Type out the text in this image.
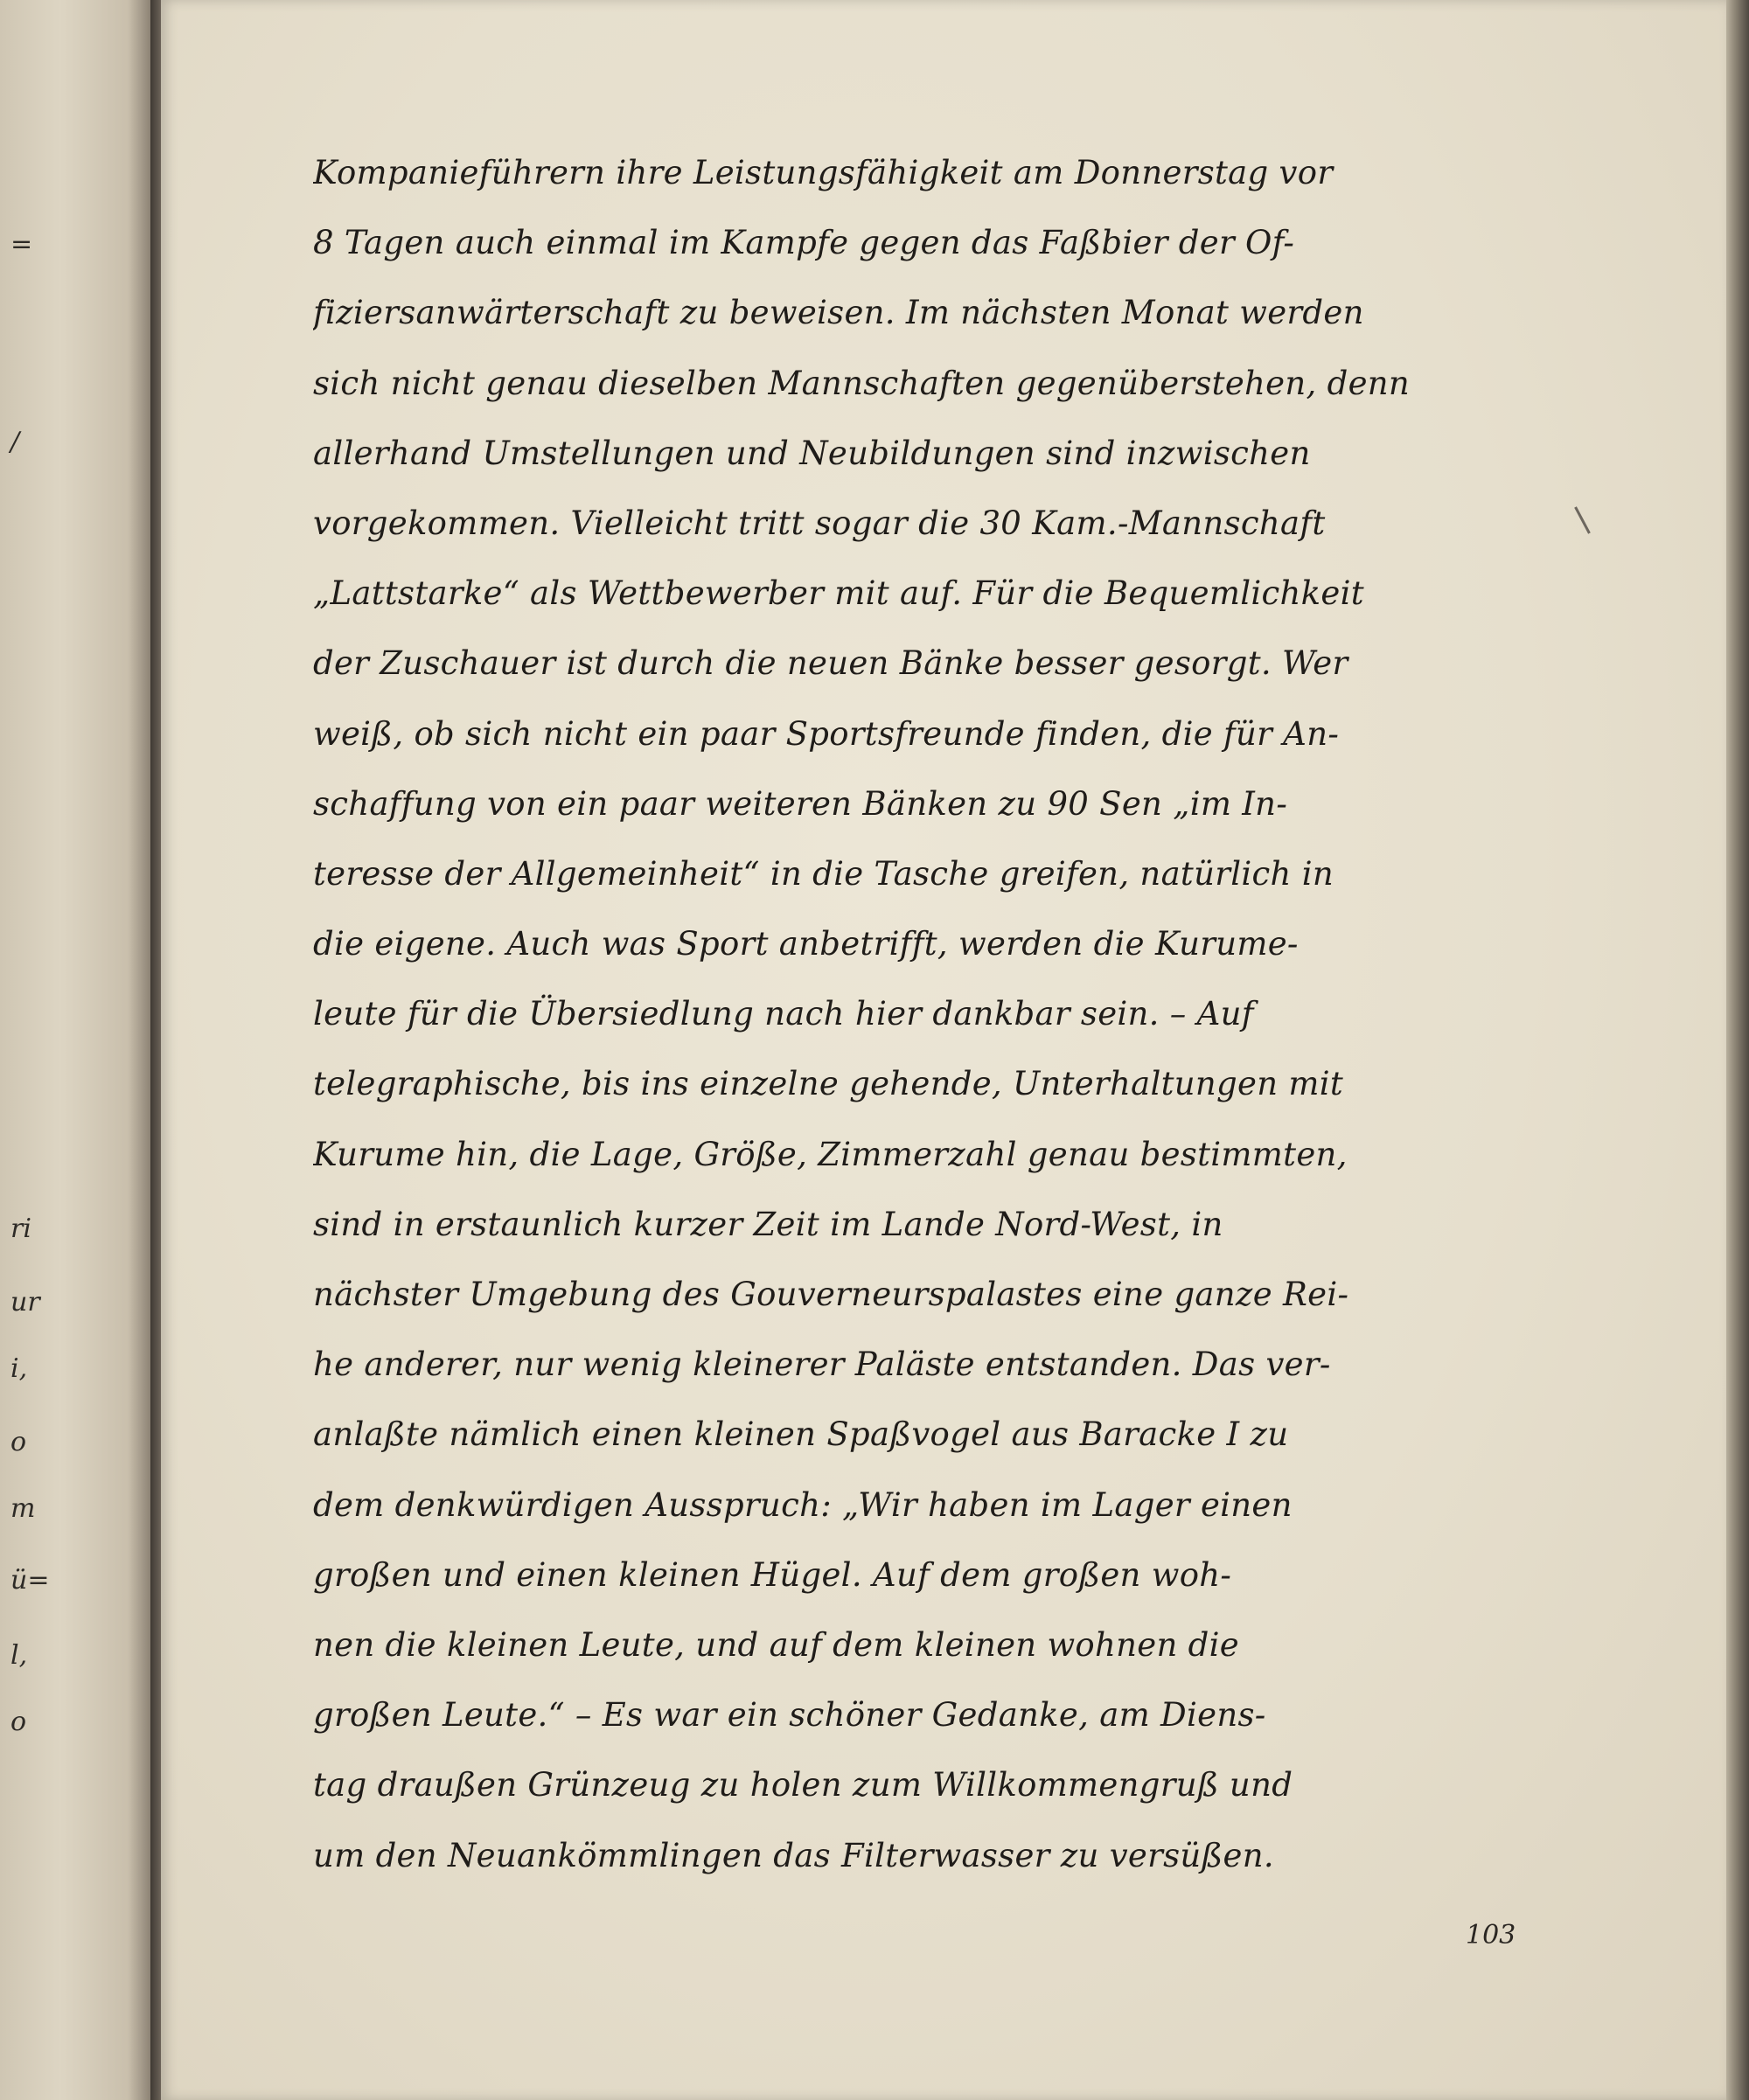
=
/
ri
ur
i,
o
m
ü=
l,
o
Kompanieführern ihre Leistungsfähigkeit am Donnerstag vor
8 Tagen auch einmal im Kampfe gegen das Faßbier der Of-
fiziersanwärterschaft zu beweisen. Im nächsten Monat werden
sich nicht genau dieselben Mannschaften gegenüberstehen, denn
allerhand Umstellungen und Neubildungen sind inzwischen
vorgekommen. Vielleicht tritt sogar die 30 Kam.-Mannschaft
„Lattstarke“ als Wettbewerber mit auf. Für die Bequemlichkeit
der Zuschauer ist durch die neuen Bänke besser gesorgt. Wer
weiß, ob sich nicht ein paar Sportsfreunde finden, die für An-
schaffung von ein paar weiteren Bänken zu 90 Sen „im In-
teresse der Allgemeinheit“ in die Tasche greifen, natürlich in
die eigene. Auch was Sport anbetrifft, werden die Kurume-
leute für die Übersiedlung nach hier dankbar sein. – Auf
telegraphische, bis ins einzelne gehende, Unterhaltungen mit
Kurume hin, die Lage, Größe, Zimmerzahl genau bestimmten,
sind in erstaunlich kurzer Zeit im Lande Nord-West, in
nächster Umgebung des Gouverneurspalastes eine ganze Rei-
he anderer, nur wenig kleinerer Paläste entstanden. Das ver-
anlaßte nämlich einen kleinen Spaßvogel aus Baracke I zu
dem denkwürdigen Ausspruch: „Wir haben im Lager einen
großen und einen kleinen Hügel. Auf dem großen woh-
nen die kleinen Leute, und auf dem kleinen wohnen die
großen Leute.“ – Es war ein schöner Gedanke, am Diens-
tag draußen Grünzeug zu holen zum Willkommengruß und
um den Neuankömmlingen das Filterwasser zu versüßen.
103
